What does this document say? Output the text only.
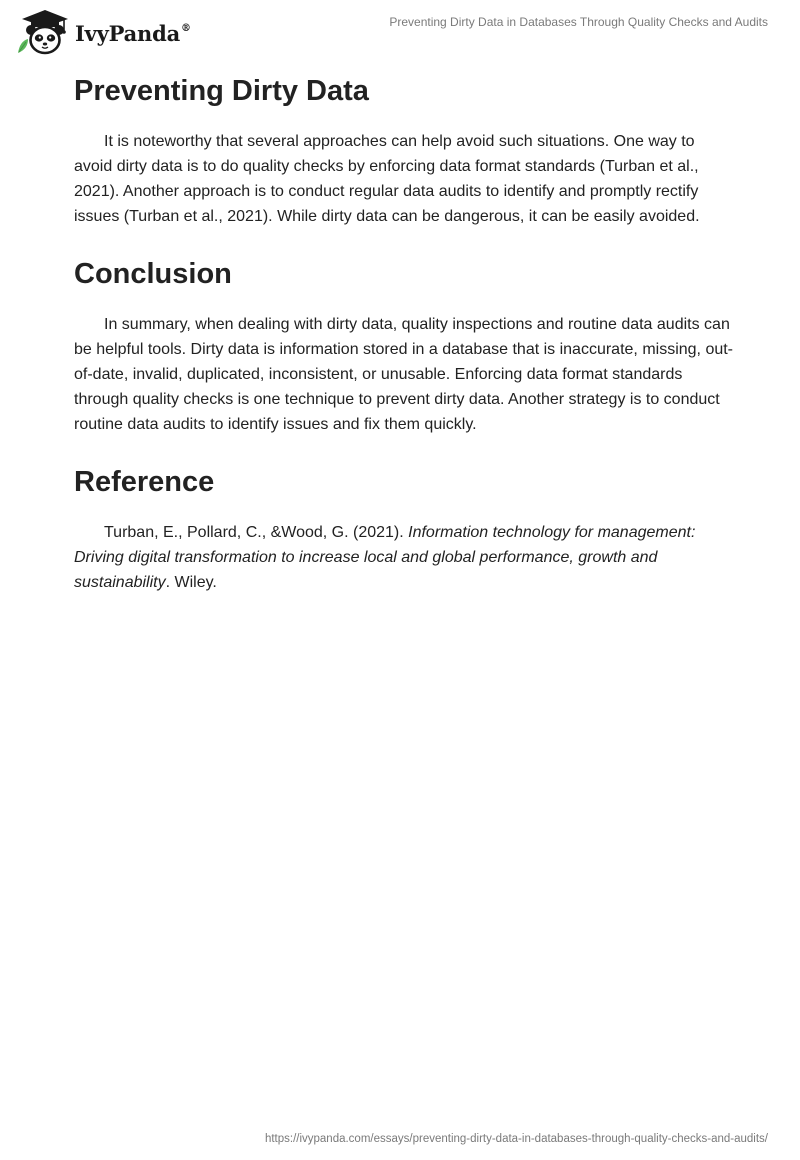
IvyPanda®	Preventing Dirty Data in Databases Through Quality Checks and Audits
Preventing Dirty Data

It is noteworthy that several approaches can help avoid such situations. One way to avoid dirty data is to do quality checks by enforcing data format standards (Turban et al., 2021). Another approach is to conduct regular data audits to identify and promptly rectify issues (Turban et al., 2021). While dirty data can be dangerous, it can be easily avoided.

Conclusion

In summary, when dealing with dirty data, quality inspections and routine data audits can be helpful tools. Dirty data is information stored in a database that is inaccurate, missing, out-of-date, invalid, duplicated, inconsistent, or unusable. Enforcing data format standards through quality checks is one technique to prevent dirty data. Another strategy is to conduct routine data audits to identify issues and fix them quickly.

Reference

Turban, E., Pollard, C., &Wood, G. (2021). Information technology for management: Driving digital transformation to increase local and global performance, growth and sustainability. Wiley.

https://ivypanda.com/essays/preventing-dirty-data-in-databases-through-quality-checks-and-audits/
